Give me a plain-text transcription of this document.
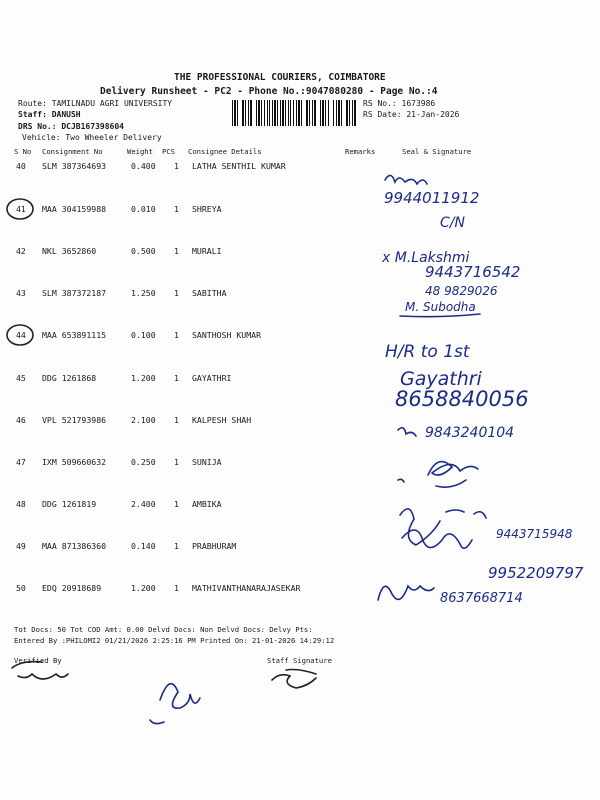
THE PROFESSIONAL COURIERS, COIMBATORE
Delivery Runsheet - PC2 - Phone No.:9047080280 - Page No.:4
Route: TAMILNADU AGRI UNIVERSITY
Staff: DANUSH
DRS No.: DCJB167398604
Vehicle: Two Wheeler Delivery
RS No.: 1673986
RS Date: 21-Jan-2026
S No Consignment No	Weight PCS Consignee Details	Remarks	Seal & Signature
40 SLM 387364693	0.400 1 LATHA SENTHIL KUMAR
41 MAA 304159988	0.010 1 SHREYA
42 NKL 3652860	0.500 1 MURALI
43 SLM 387372187	1.250 1 SABITHA
44 MAA 653891115	0.100 1 SANTHOSH KUMAR
45 DDG 1261868	1.200 1 GAYATHRI
46 VPL 521793986	2.100 1 KALPESH SHAH
47 IXM 509660632	0.250 1 SUNIJA
48 DDG 1261819	2.400 1 AMBIKA
49 MAA 871386360	0.140 1 PRABHURAM
50 EDQ 20918689	1.200 1 MATHIVANTHANARAJASEKAR
Tot Docs: 50 Tot COD Amt: 0.00 Delvd Docs: Non Delvd Docs: Delvy Pts:
Entered By :PHILOMI2 01/21/2026 2:25:16 PM Printed On: 21-01-2026 14:29:12
Verified By	Staff Signature
9944011912
C/N
x M.Lakshmi
9443716542
48 9829026
M. Subodha
H/R to 1st
Gayathri
8658840056
9843240104
9443715948
9952209797
8637668714
